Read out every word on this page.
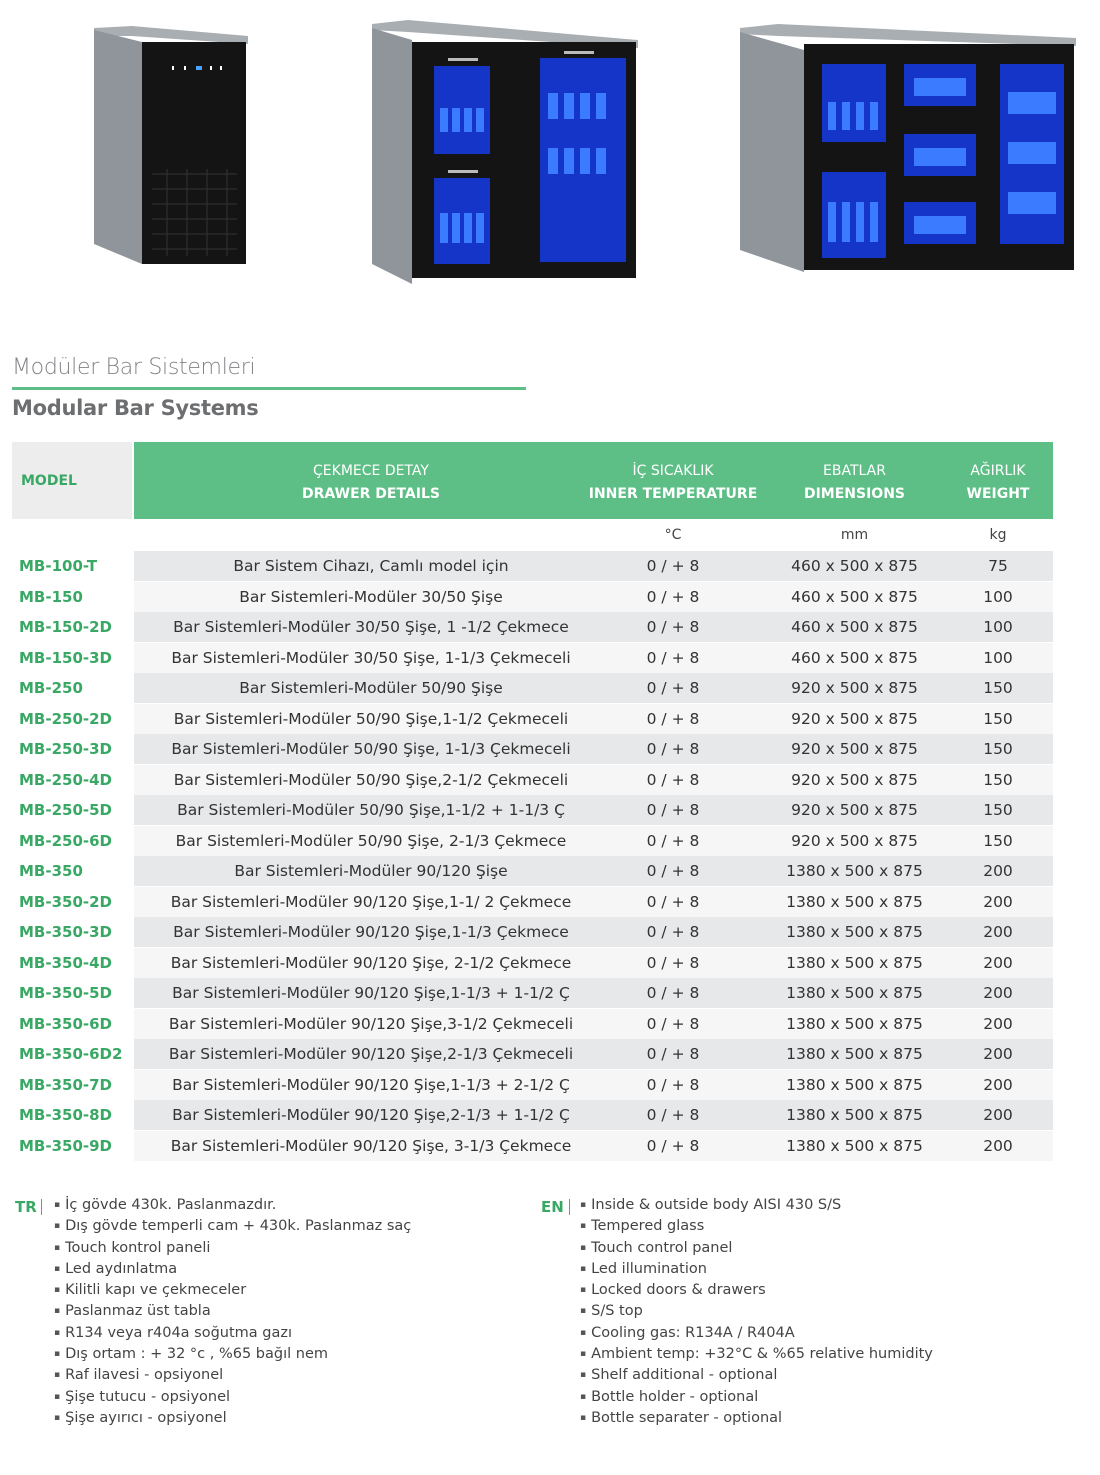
Modüler Bar Sistemleri
Modular Bar Systems
MODEL
ÇEKMECE DETAY
DRAWER DETAILS
İÇ SICAKLIK
INNER TEMPERATURE
EBATLAR
DIMENSIONS
AĞIRLIK
WEIGHT
°C	mm	kg
MB-100-T	Bar Sistem Cihazı, Camlı model için	0 / + 8	460 x 500 x 875	75
MB-150	Bar Sistemleri-Modüler 30/50 Şişe	0 / + 8	460 x 500 x 875	100
MB-150-2D	Bar Sistemleri-Modüler 30/50 Şişe, 1 -1/2 Çekmece	0 / + 8	460 x 500 x 875	100
MB-150-3D	Bar Sistemleri-Modüler 30/50 Şişe, 1-1/3 Çekmeceli	0 / + 8	460 x 500 x 875	100
MB-250	Bar Sistemleri-Modüler 50/90 Şişe	0 / + 8	920 x 500 x 875	150
MB-250-2D	Bar Sistemleri-Modüler 50/90 Şişe,1-1/2 Çekmeceli	0 / + 8	920 x 500 x 875	150
MB-250-3D	Bar Sistemleri-Modüler 50/90 Şişe, 1-1/3 Çekmeceli	0 / + 8	920 x 500 x 875	150
MB-250-4D	Bar Sistemleri-Modüler 50/90 Şişe,2-1/2 Çekmeceli	0 / + 8	920 x 500 x 875	150
MB-250-5D	Bar Sistemleri-Modüler 50/90 Şişe,1-1/2 + 1-1/3 Ç	0 / + 8	920 x 500 x 875	150
MB-250-6D	Bar Sistemleri-Modüler 50/90 Şişe, 2-1/3 Çekmece	0 / + 8	920 x 500 x 875	150
MB-350	Bar Sistemleri-Modüler 90/120 Şişe	0 / + 8	1380 x 500 x 875	200
MB-350-2D	Bar Sistemleri-Modüler 90/120 Şişe,1-1/ 2 Çekmece	0 / + 8	1380 x 500 x 875	200
MB-350-3D	Bar Sistemleri-Modüler 90/120 Şişe,1-1/3 Çekmece	0 / + 8	1380 x 500 x 875	200
MB-350-4D	Bar Sistemleri-Modüler 90/120 Şişe, 2-1/2 Çekmece	0 / + 8	1380 x 500 x 875	200
MB-350-5D	Bar Sistemleri-Modüler 90/120 Şişe,1-1/3 + 1-1/2 Ç	0 / + 8	1380 x 500 x 875	200
MB-350-6D	Bar Sistemleri-Modüler 90/120 Şişe,3-1/2 Çekmeceli	0 / + 8	1380 x 500 x 875	200
MB-350-6D2	Bar Sistemleri-Modüler 90/120 Şişe,2-1/3 Çekmeceli	0 / + 8	1380 x 500 x 875	200
MB-350-7D	Bar Sistemleri-Modüler 90/120 Şişe,1-1/3 + 2-1/2 Ç	0 / + 8	1380 x 500 x 875	200
MB-350-8D	Bar Sistemleri-Modüler 90/120 Şişe,2-1/3 + 1-1/2 Ç	0 / + 8	1380 x 500 x 875	200
MB-350-9D	Bar Sistemleri-Modüler 90/120 Şişe, 3-1/3 Çekmece	0 / + 8	1380 x 500 x 875	200
TR	▪ İç gövde 430k. Paslanmazdır.
▪ Dış gövde temperli cam + 430k. Paslanmaz saç
▪ Touch kontrol paneli
▪ Led aydınlatma
▪ Kilitli kapı ve çekmeceler
▪ Paslanmaz üst tabla
▪ R134 veya r404a soğutma gazı
▪ Dış ortam : + 32 °c , %65 bağıl nem
▪ Raf ilavesi - opsiyonel
▪ Şişe tutucu - opsiyonel
▪ Şişe ayırıcı - opsiyonel
EN	▪ Inside & outside body AISI 430 S/S
▪ Tempered glass
▪ Touch control panel
▪ Led illumination
▪ Locked doors & drawers
▪ S/S top
▪ Cooling gas: R134A / R404A
▪ Ambient temp: +32°C & %65 relative humidity
▪ Shelf additional - optional
▪ Bottle holder - optional
▪ Bottle separater - optional
